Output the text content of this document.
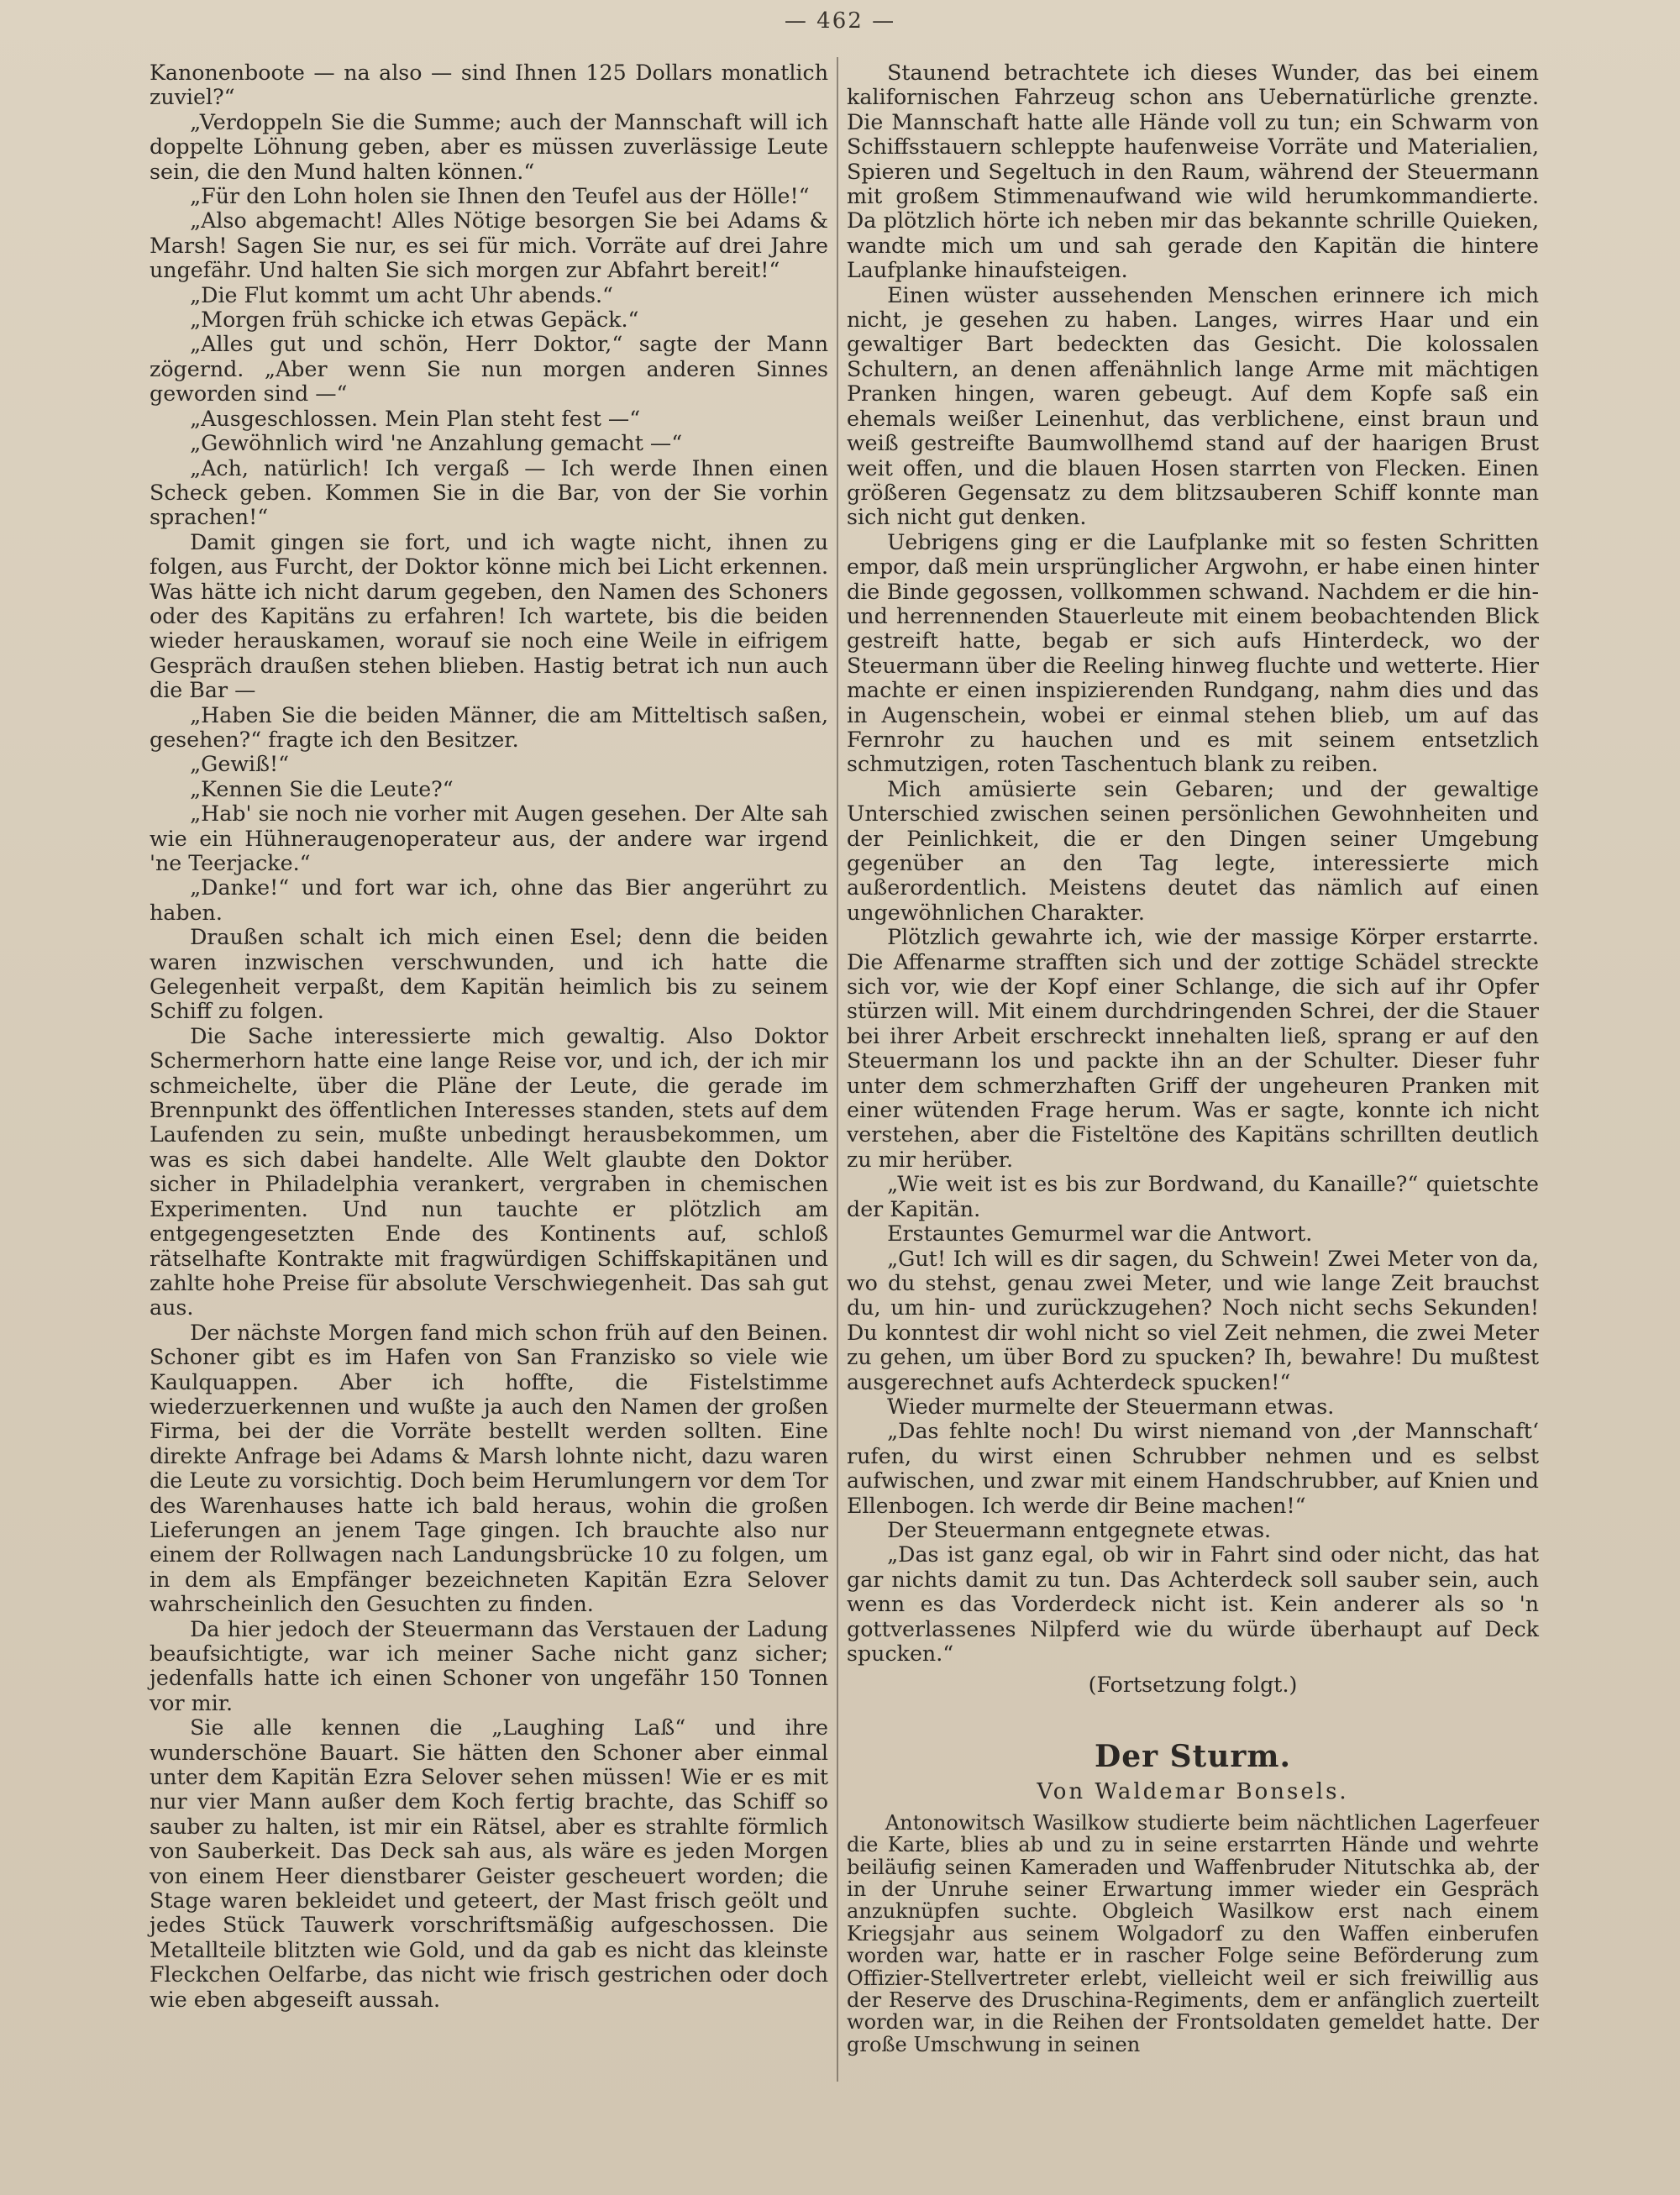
— 462 —

Kanonenboote — na also — sind Ihnen 125 Dollars monatlich zuviel?“

„Verdoppeln Sie die Summe; auch der Mannschaft will ich doppelte Löhnung geben, aber es müssen zuverlässige Leute sein, die den Mund halten können.“

„Für den Lohn holen sie Ihnen den Teufel aus der Hölle!“

„Also abgemacht! Alles Nötige besorgen Sie bei Adams & Marsh! Sagen Sie nur, es sei für mich. Vorräte auf drei Jahre ungefähr. Und halten Sie sich morgen zur Abfahrt bereit!“

„Die Flut kommt um acht Uhr abends.“

„Morgen früh schicke ich etwas Gepäck.“

„Alles gut und schön, Herr Doktor,“ sagte der Mann zögernd. „Aber wenn Sie nun morgen anderen Sinnes geworden sind —“

„Ausgeschlossen. Mein Plan steht fest —“

„Gewöhnlich wird 'ne Anzahlung gemacht —“

„Ach, natürlich! Ich vergaß — Ich werde Ihnen einen Scheck geben. Kommen Sie in die Bar, von der Sie vorhin sprachen!“

Damit gingen sie fort, und ich wagte nicht, ihnen zu folgen, aus Furcht, der Doktor könne mich bei Licht erkennen. Was hätte ich nicht darum gegeben, den Namen des Schoners oder des Kapitäns zu erfahren! Ich wartete, bis die beiden wieder herauskamen, worauf sie noch eine Weile in eifrigem Gespräch draußen stehen blieben. Hastig betrat ich nun auch die Bar —

„Haben Sie die beiden Männer, die am Mitteltisch saßen, gesehen?“ fragte ich den Besitzer.

„Gewiß!“

„Kennen Sie die Leute?“

„Hab' sie noch nie vorher mit Augen gesehen. Der Alte sah wie ein Hühneraugenoperateur aus, der andere war irgend 'ne Teerjacke.“

„Danke!“ und fort war ich, ohne das Bier angerührt zu haben.

Draußen schalt ich mich einen Esel; denn die beiden waren inzwischen verschwunden, und ich hatte die Gelegenheit verpaßt, dem Kapitän heimlich bis zu seinem Schiff zu folgen.

Die Sache interessierte mich gewaltig. Also Doktor Schermerhorn hatte eine lange Reise vor, und ich, der ich mir schmeichelte, über die Pläne der Leute, die gerade im Brennpunkt des öffentlichen Interesses standen, stets auf dem Laufenden zu sein, mußte unbedingt herausbekommen, um was es sich dabei handelte. Alle Welt glaubte den Doktor sicher in Philadelphia verankert, vergraben in chemischen Experimenten. Und nun tauchte er plötzlich am entgegengesetzten Ende des Kontinents auf, schloß rätselhafte Kontrakte mit fragwürdigen Schiffskapitänen und zahlte hohe Preise für absolute Verschwiegenheit. Das sah gut aus.

Der nächste Morgen fand mich schon früh auf den Beinen. Schoner gibt es im Hafen von San Franzisko so viele wie Kaulquappen. Aber ich hoffte, die Fistelstimme wiederzuerkennen und wußte ja auch den Namen der großen Firma, bei der die Vorräte bestellt werden sollten. Eine direkte Anfrage bei Adams & Marsh lohnte nicht, dazu waren die Leute zu vorsichtig. Doch beim Herumlungern vor dem Tor des Warenhauses hatte ich bald heraus, wohin die großen Lieferungen an jenem Tage gingen. Ich brauchte also nur einem der Rollwagen nach Landungsbrücke 10 zu folgen, um in dem als Empfänger bezeichneten Kapitän Ezra Selover wahrscheinlich den Gesuchten zu finden.

Da hier jedoch der Steuermann das Verstauen der Ladung beaufsichtigte, war ich meiner Sache nicht ganz sicher; jedenfalls hatte ich einen Schoner von ungefähr 150 Tonnen vor mir.

Sie alle kennen die „Laughing Laß“ und ihre wunderschöne Bauart. Sie hätten den Schoner aber einmal unter dem Kapitän Ezra Selover sehen müssen! Wie er es mit nur vier Mann außer dem Koch fertig brachte, das Schiff so sauber zu halten, ist mir ein Rätsel, aber es strahlte förmlich von Sauberkeit. Das Deck sah aus, als wäre es jeden Morgen von einem Heer dienstbarer Geister gescheuert worden; die Stage waren bekleidet und geteert, der Mast frisch geölt und jedes Stück Tauwerk vorschriftsmäßig aufgeschossen. Die Metallteile blitzten wie Gold, und da gab es nicht das kleinste Fleckchen Oelfarbe, das nicht wie frisch gestrichen oder doch wie eben abgeseift aussah.

Staunend betrachtete ich dieses Wunder, das bei einem kalifornischen Fahrzeug schon ans Uebernatürliche grenzte. Die Mannschaft hatte alle Hände voll zu tun; ein Schwarm von Schiffsstauern schleppte haufenweise Vorräte und Materialien, Spieren und Segeltuch in den Raum, während der Steuermann mit großem Stimmenaufwand wie wild herumkommandierte. Da plötzlich hörte ich neben mir das bekannte schrille Quieken, wandte mich um und sah gerade den Kapitän die hintere Laufplanke hinaufsteigen.

Einen wüster aussehenden Menschen erinnere ich mich nicht, je gesehen zu haben. Langes, wirres Haar und ein gewaltiger Bart bedeckten das Gesicht. Die kolossalen Schultern, an denen affenähnlich lange Arme mit mächtigen Pranken hingen, waren gebeugt. Auf dem Kopfe saß ein ehemals weißer Leinenhut, das verblichene, einst braun und weiß gestreifte Baumwollhemd stand auf der haarigen Brust weit offen, und die blauen Hosen starrten von Flecken. Einen größeren Gegensatz zu dem blitzsauberen Schiff konnte man sich nicht gut denken.

Uebrigens ging er die Laufplanke mit so festen Schritten empor, daß mein ursprünglicher Argwohn, er habe einen hinter die Binde gegossen, vollkommen schwand. Nachdem er die hin- und herrennenden Stauerleute mit einem beobachtenden Blick gestreift hatte, begab er sich aufs Hinterdeck, wo der Steuermann über die Reeling hinweg fluchte und wetterte. Hier machte er einen inspizierenden Rundgang, nahm dies und das in Augenschein, wobei er einmal stehen blieb, um auf das Fernrohr zu hauchen und es mit seinem entsetzlich schmutzigen, roten Taschentuch blank zu reiben.

Mich amüsierte sein Gebaren; und der gewaltige Unterschied zwischen seinen persönlichen Gewohnheiten und der Peinlichkeit, die er den Dingen seiner Umgebung gegenüber an den Tag legte, interessierte mich außerordentlich. Meistens deutet das nämlich auf einen ungewöhnlichen Charakter.

Plötzlich gewahrte ich, wie der massige Körper erstarrte. Die Affenarme strafften sich und der zottige Schädel streckte sich vor, wie der Kopf einer Schlange, die sich auf ihr Opfer stürzen will. Mit einem durchdringenden Schrei, der die Stauer bei ihrer Arbeit erschreckt innehalten ließ, sprang er auf den Steuermann los und packte ihn an der Schulter. Dieser fuhr unter dem schmerzhaften Griff der ungeheuren Pranken mit einer wütenden Frage herum. Was er sagte, konnte ich nicht verstehen, aber die Fisteltöne des Kapitäns schrillten deutlich zu mir herüber.

„Wie weit ist es bis zur Bordwand, du Kanaille?“ quietschte der Kapitän.

Erstauntes Gemurmel war die Antwort.

„Gut! Ich will es dir sagen, du Schwein! Zwei Meter von da, wo du stehst, genau zwei Meter, und wie lange Zeit brauchst du, um hin- und zurückzugehen? Noch nicht sechs Sekunden! Du konntest dir wohl nicht so viel Zeit nehmen, die zwei Meter zu gehen, um über Bord zu spucken? Ih, bewahre! Du mußtest ausgerechnet aufs Achterdeck spucken!“

Wieder murmelte der Steuermann etwas.

„Das fehlte noch! Du wirst niemand von ‚der Mannschaft‘ rufen, du wirst einen Schrubber nehmen und es selbst aufwischen, und zwar mit einem Handschrubber, auf Knien und Ellenbogen. Ich werde dir Beine machen!“

Der Steuermann entgegnete etwas.

„Das ist ganz egal, ob wir in Fahrt sind oder nicht, das hat gar nichts damit zu tun. Das Achterdeck soll sauber sein, auch wenn es das Vorderdeck nicht ist. Kein anderer als so 'n gottverlassenes Nilpferd wie du würde überhaupt auf Deck spucken.“

(Fortsetzung folgt.)

Der Sturm.
Von Waldemar Bonsels.

Antonowitsch Wasilkow studierte beim nächtlichen Lagerfeuer die Karte, blies ab und zu in seine erstarrten Hände und wehrte beiläufig seinen Kameraden und Waffenbruder Nitutschka ab, der in der Unruhe seiner Erwartung immer wieder ein Gespräch anzuknüpfen suchte. Obgleich Wasilkow erst nach einem Kriegsjahr aus seinem Wolgadorf zu den Waffen einberufen worden war, hatte er in rascher Folge seine Beförderung zum Offizier-Stellvertreter erlebt, vielleicht weil er sich freiwillig aus der Reserve des Druschina-Regiments, dem er anfänglich zuerteilt worden war, in die Reihen der Frontsoldaten gemeldet hatte. Der große Umschwung in seinen
